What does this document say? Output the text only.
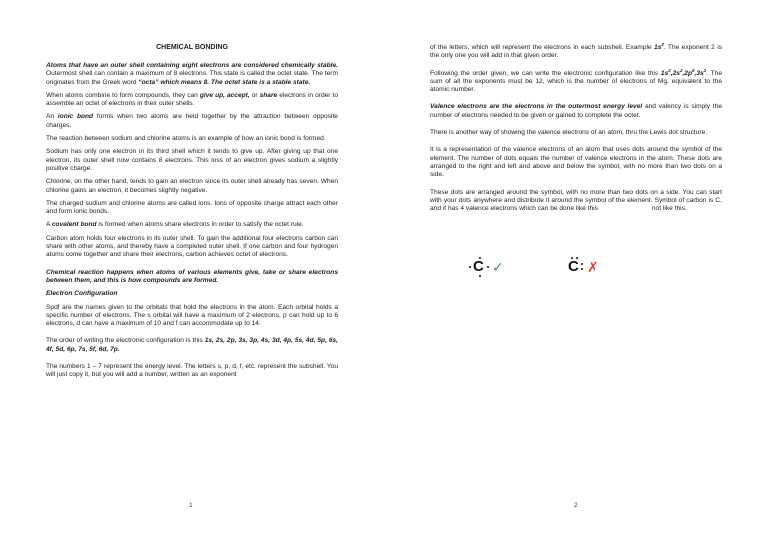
CHEMICAL BONDING

Atoms that have an outer shell containing eight electrons are considered chemically stable. Outermost shell can contain a maximum of 8 electrons. This state is called the octet state. The term originates from the Greek word “octa” which means 8. The octet state is a stable state.

When atoms combine to form compounds, they can give up, accept, or share electrons in order to assemble an octet of electrons in their outer shells.

An ionic bond forms when two atoms are held together by the attraction between opposite charges.

The reaction between sodium and chlorine atoms is an example of how an ionic bond is formed.

Sodium has only one electron in its third shell which it tends to give up. After giving up that one electron, its outer shell now contains 8 electrons. This loss of an electron gives sodium a slightly positive charge.

Chlorine, on the other hand, tends to gain an electron since its outer shell already has seven. When chlorine gains an electron, it becomes slightly negative.

The charged sodium and chlorine atoms are called ions. Ions of opposite charge attract each other and form ionic bonds.

A covalent bond is formed when atoms share electrons in order to satisfy the octet rule.

Carbon atom holds four electrons in its outer shell. To gain the additional four electrons carbon can share with other atoms, and thereby have a completed outer shell. If one carbon and four hydrogen atoms come together and share their electrons, carbon achieves octet of electrons.

Chemical reaction happens when atoms of various elements give, take or share electrons between them, and this is how compounds are formed.

Electron Configuration

Spdf are the names given to the orbitals that hold the electrons in the atom. Each orbital holds a specific number of electrons. The s orbital will have a maximum of 2 electrons, p can hold up to 6 electrons, d can have a maximum of 10 and f can accommodate up to 14.

The order of writing the electronic configuration is this 1s, 2s, 2p, 3s, 3p, 4s, 3d, 4p, 5s, 4d, 5p, 6s, 4f, 5d, 6p, 7s, 5f, 6d, 7p.

The numbers 1 – 7 represent the energy level. The letters s, p, d, f, etc. represent the subshell. You will just copy it, but you will add a number, written as an exponent

1

of the letters, which will represent the electrons in each subshell. Example $1s^2$. The exponent 2 is the only one you will add in that given order.

Following the order given, we can write the electronic configuration like this $1s^2,2s^2,2p^6,3s^2$. The sum of all the exponents must be 12, which is the number of electrons of Mg, equivalent to the atomic number.

Valence electrons are the electrons in the outermost energy level and valency is simply the number of electrons needed to be given or gained to complete the octet.

There is another way of showing the valence electrons of an atom, thru the Lewis dot structure.

It is a representation of the valence electrons of an atom that uses dots around the symbol of the element. The number of dots equals the number of valence electrons in the atom. These dots are arranged to the right and left and above and below the symbol, with no more than two dots on a side.

These dots are arranged around the symbol, with no more than two dots on a side. You can start with your dots anywhere and distribute it around the symbol of the element. Symbol of carbon is C, and it has 4 valence electrons which can be done like this	not like this.

C ✓	C ✗
2
